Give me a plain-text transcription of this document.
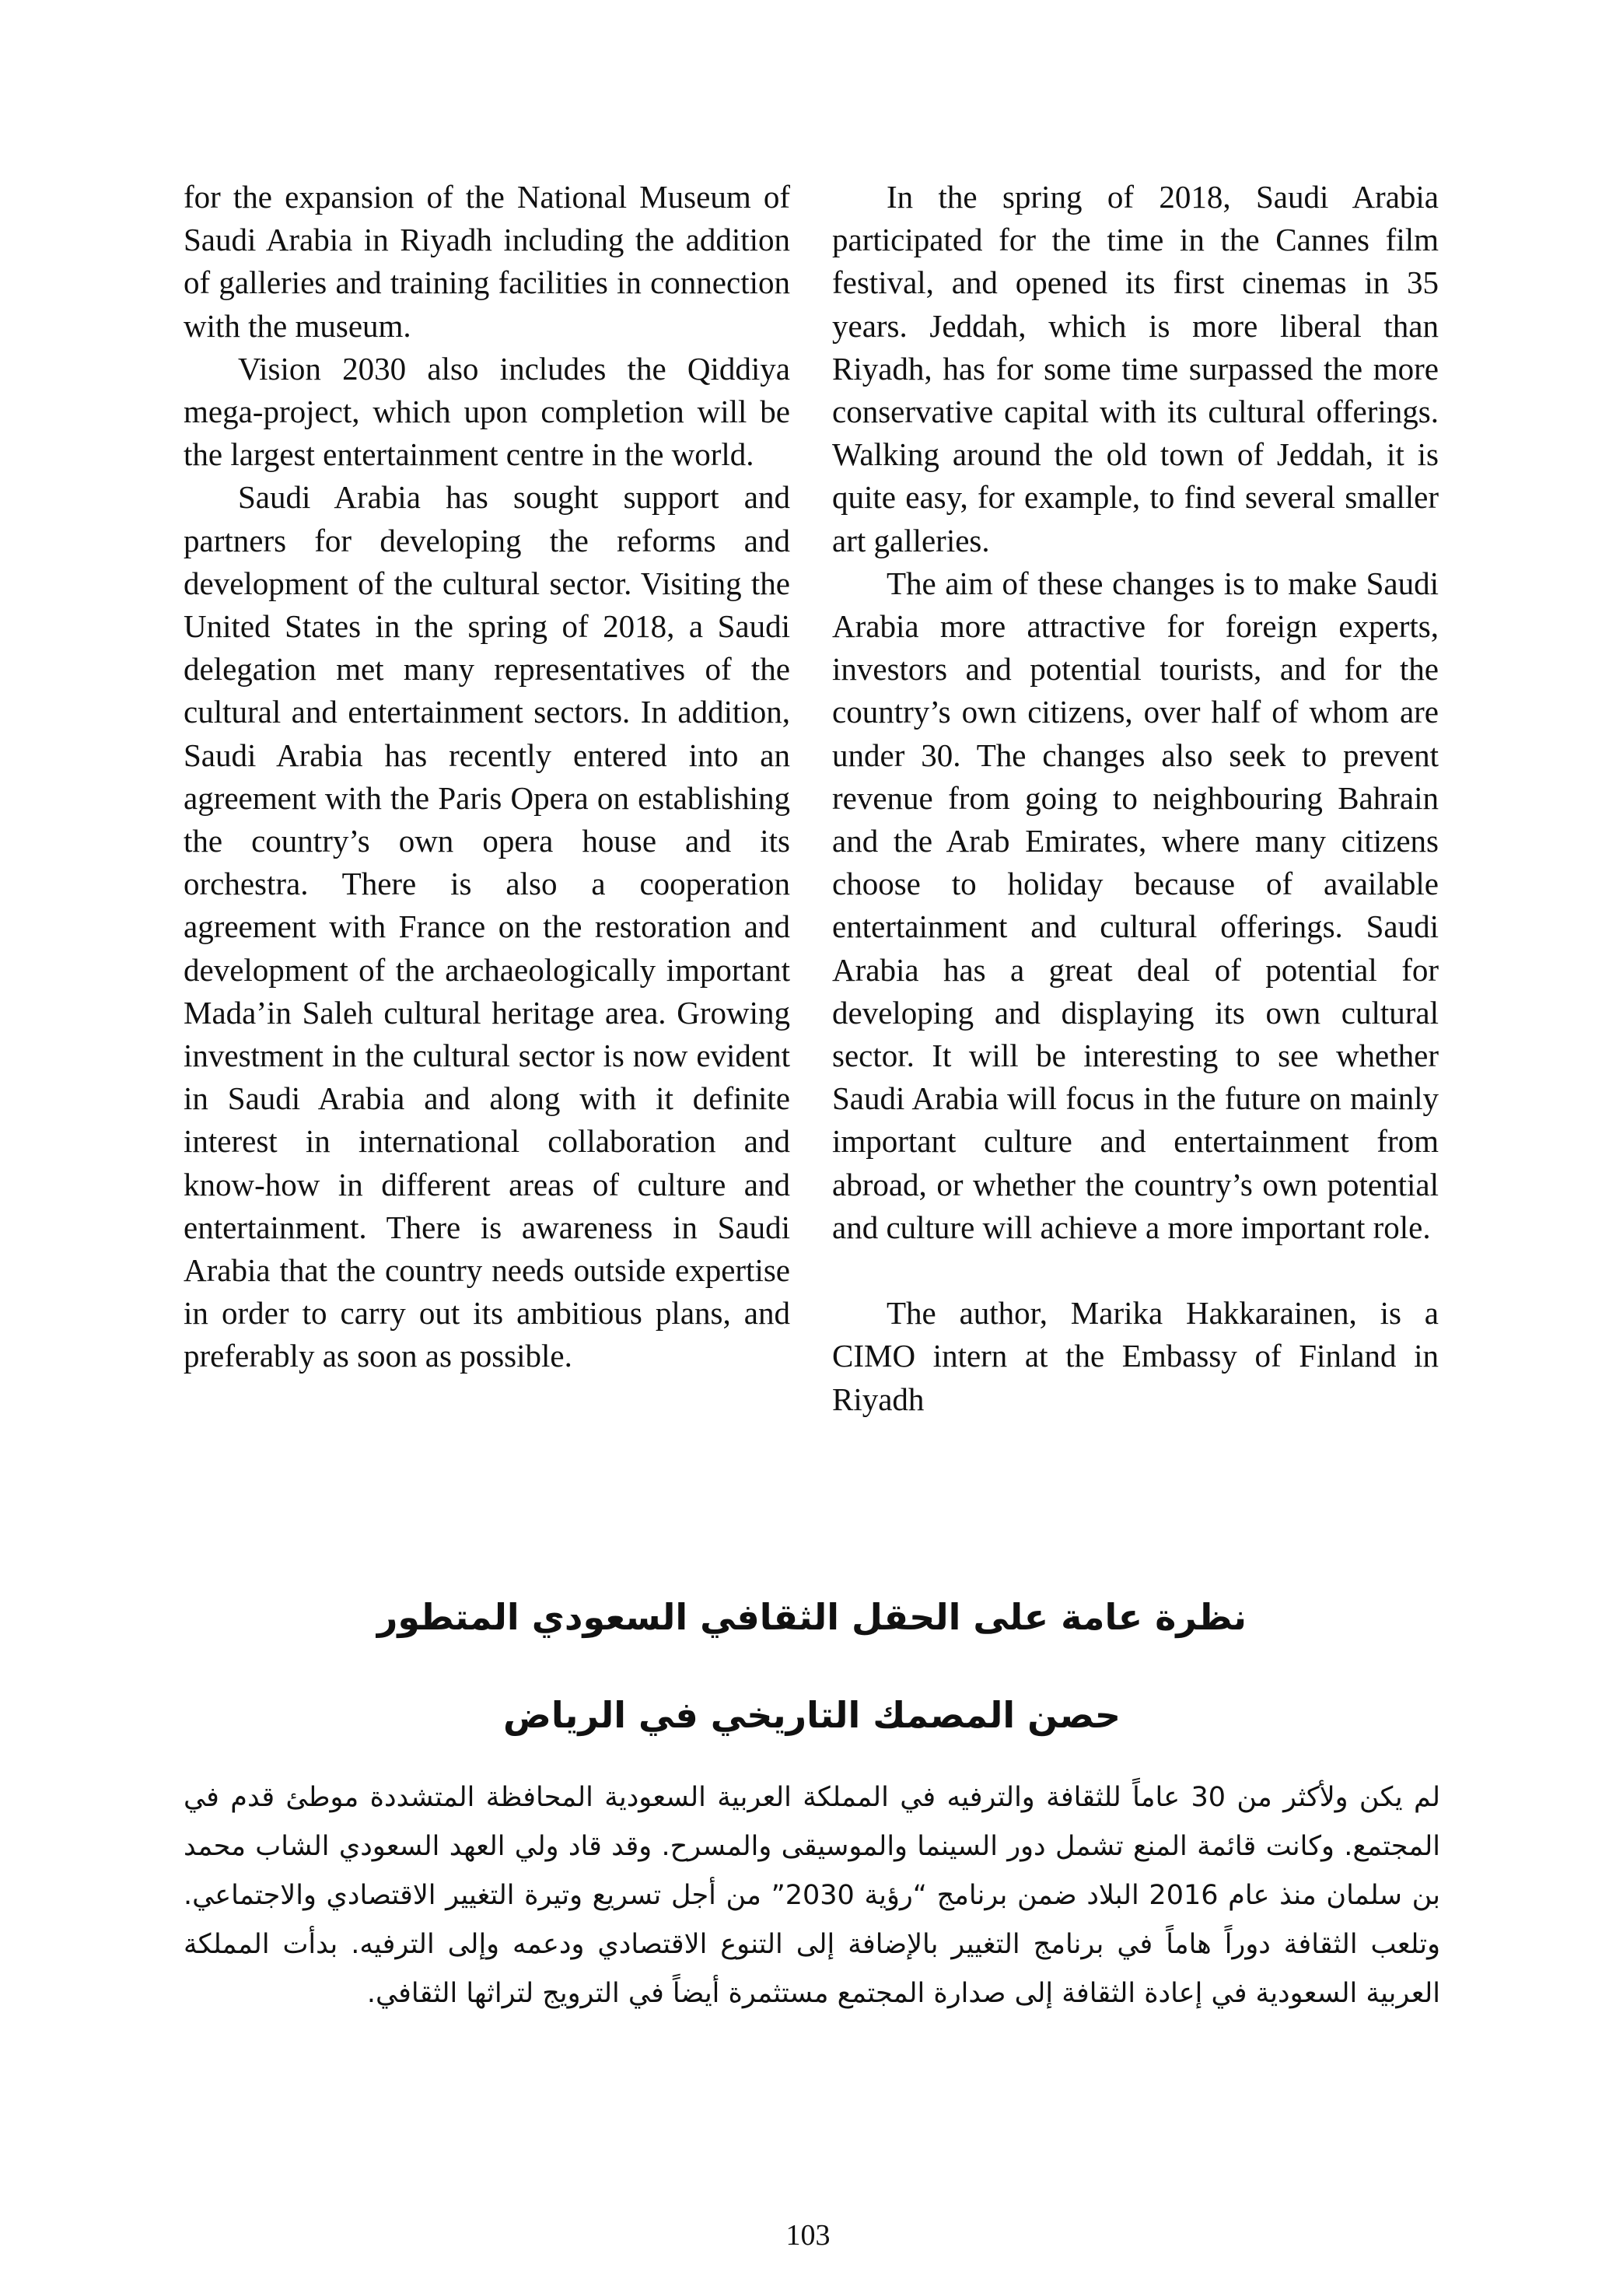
for the expansion of the National Museum of Saudi Arabia in Riyadh including the addition of galleries and training facilities in connection with the museum.

Vision 2030 also includes the Qiddiya mega-project, which upon completion will be the largest entertainment centre in the world.

Saudi Arabia has sought support and partners for developing the reforms and development of the cultural sector. Visiting the United States in the spring of 2018, a Saudi delegation met many representatives of the cultural and entertainment sectors. In addition, Saudi Arabia has recently entered into an agreement with the Paris Opera on establishing the country’s own opera house and its orchestra. There is also a cooperation agreement with France on the restoration and development of the archaeologically important Mada’in Saleh cultural heritage area. Growing investment in the cultural sector is now evident in Saudi Arabia and along with it definite interest in international collaboration and know-how in different areas of culture and entertainment. There is awareness in Saudi Arabia that the country needs outside expertise in order to carry out its ambitious plans, and preferably as soon as possible.

In the spring of 2018, Saudi Arabia participated for the time in the Cannes film festival, and opened its first cinemas in 35 years. Jeddah, which is more liberal than Riyadh, has for some time surpassed the more conservative capital with its cultural offerings. Walking around the old town of Jeddah, it is quite easy, for example, to find several smaller art galleries.

The aim of these changes is to make Saudi Arabia more attractive for foreign experts, investors and potential tourists, and for the country’s own citizens, over half of whom are under 30. The changes also seek to prevent revenue from going to neighbouring Bahrain and the Arab Emirates, where many citizens choose to holiday because of available entertainment and cultural offerings. Saudi Arabia has a great deal of potential for developing and displaying its own cultural sector. It will be interesting to see whether Saudi Arabia will focus in the future on mainly important culture and entertainment from abroad, or whether the country’s own potential and culture will achieve a more important role.

The author, Marika Hakkarainen, is a CIMO intern at the Embassy of Finland in Riyadh

نظرة عامة على الحقل الثقافي السعودي المتطور
حصن المصمك التاريخي في الرياض
لم يكن ولأكثر من 30 عاماً للثقافة والترفيه في المملكة العربية السعودية المحافظة المتشددة موطئ قدم في المجتمع. وكانت قائمة المنع تشمل دور السينما والموسيقى والمسرح. وقد قاد ولي العهد السعودي الشاب محمد بن سلمان منذ عام 2016 البلاد ضمن برنامج “رؤية 2030” من أجل تسريع وتيرة التغيير الاقتصادي والاجتماعي. وتلعب الثقافة دوراً هاماً في برنامج التغيير بالإضافة إلى التنوع الاقتصادي ودعمه وإلى الترفيه. بدأت المملكة العربية السعودية في إعادة الثقافة إلى صدارة المجتمع مستثمرة أيضاً في الترويج لتراثها الثقافي.
103
